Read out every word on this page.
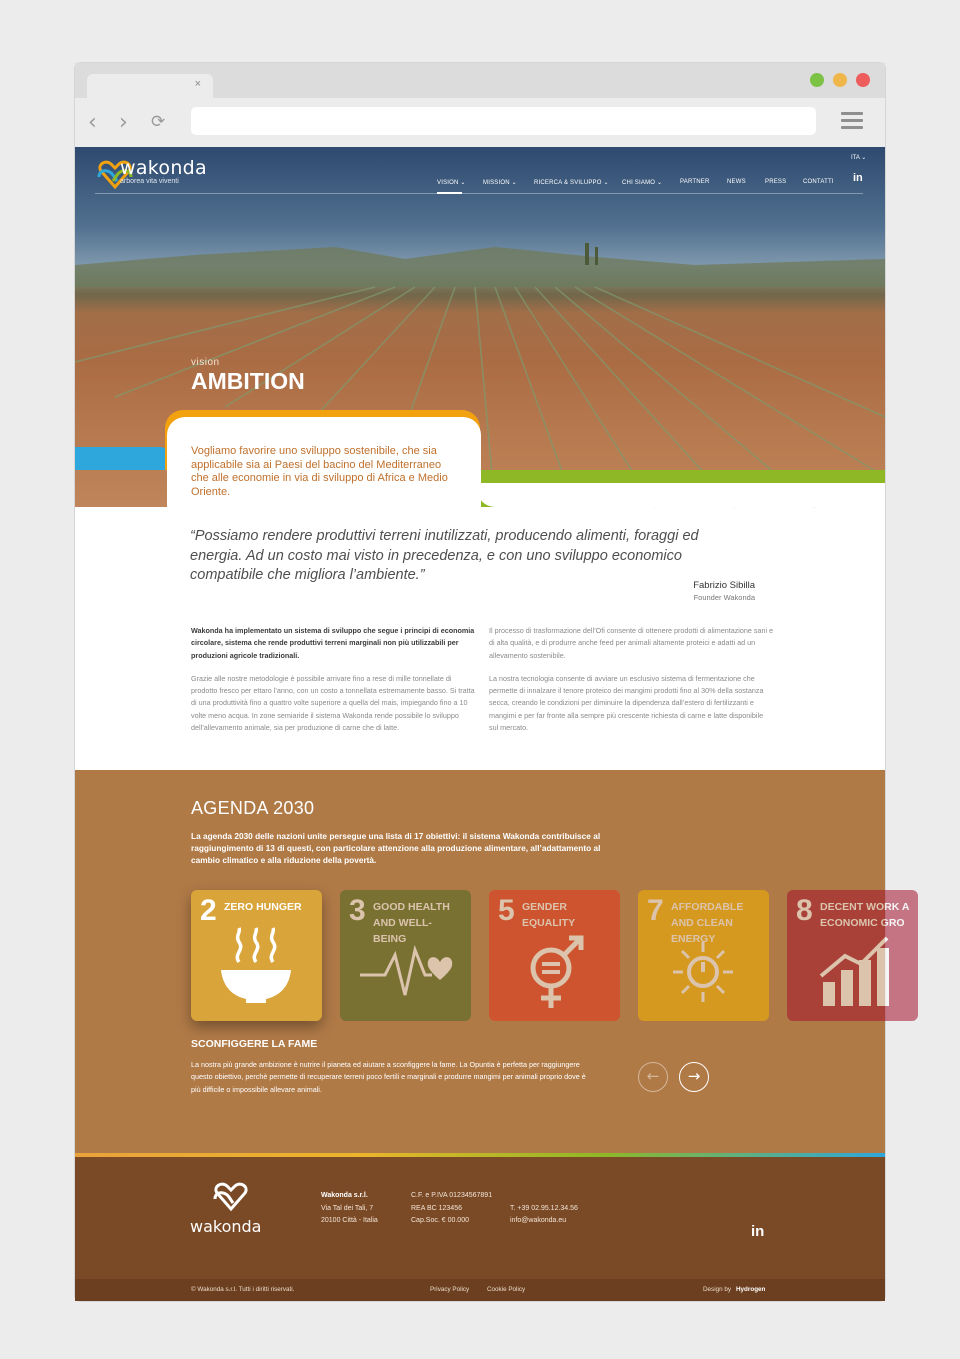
×
‹ › ⟳
wakonda
arborea vita viventi
ITA ⌄
in
VISION ⌄	MISSION ⌄	RICERCA & SVILUPPO ⌄ CHI SIAMO ⌄	PARTNER	NEWS	PRESS	CONTATTI
vision
AMBITION
Vogliamo favorire uno sviluppo sostenibile, che sia applicabile sia ai Paesi del bacino del Mediterraneo che alle economie in via di sviluppo di Africa e Medio Oriente.
“Possiamo rendere produttivi terreni inutilizzati, producendo alimenti, foraggi ed energia. Ad un costo mai visto in precedenza, e con uno sviluppo economico compatibile che migliora l’ambiente.”
Fabrizio Sibilla
Founder Wakonda

Wakonda ha implementato un sistema di sviluppo che segue i principi di economia circolare, sistema che rende produttivi terreni marginali non più utilizzabili per produzioni agricole tradizionali.

Grazie alle nostre metodologie è possibile arrivare fino a rese di mille tonnellate di prodotto fresco per ettaro l’anno, con un costo a tonnellata estremamente basso. Si tratta di una produttività fino a quattro volte superiore a quella del mais, impiegando fino a 10 volte meno acqua. In zone semiaride il sistema Wakonda rende possibile lo sviluppo dell’allevamento animale, sia per produzione di carne che di latte.

Il processo di trasformazione dell’Ofi consente di ottenere prodotti di alimentazione sani e di alta qualità, e di produrre anche feed per animali altamente proteici e adatti ad un allevamento sostenibile.

La nostra tecnologia consente di avviare un esclusivo sistema di fermentazione che permette di innalzare il tenore proteico dei mangimi prodotti fino al 30% della sostanza secca, creando le condizioni per diminuire la dipendenza dall’estero di fertilizzanti e mangimi e per far fronte alla sempre più crescente richiesta di carne e latte disponibile sul mercato.

AGENDA 2030
La agenda 2030 delle nazioni unite persegue una lista di 17 obiettivi: il sistema Wakonda contribuisce al raggiungimento di 13 di questi, con particolare attenzione alla produzione alimentare, all’adattamento al cambio climatico e alla riduzione della povertà.
2 ZERO HUNGER	3 GOOD HEALTH AND WELL-BEING
5 GENDER EQUALITY	7 AFFORDABLE AND CLEAN ENERGY
8 DECENT WORK A ECONOMIC GRO
SCONFIGGERE LA FAME
La nostra più grande ambizione è nutrire il pianeta ed aiutare a sconfiggere la fame. La Opuntia è perfetta per raggiungere questo obiettivo, perchè permette di recuperare terreni poco fertili e marginali e produrre mangimi per animali proprio dove è più difficile o impossibile allevare animali.
←	→
wakonda
Wakonda s.r.l.
Via Tal dei Tali, 7
20100 Città - Italia
C.F. e P.IVA 01234567891
REA BC 123456
Cap.Soc. € 00.000
T. +39 02.95.12.34.56
info@wakonda.eu
in
© Wakonda s.r.l. Tutti i diritti riservati.	Privacy Policy	Cookie Policy	Design by Hydrogen
